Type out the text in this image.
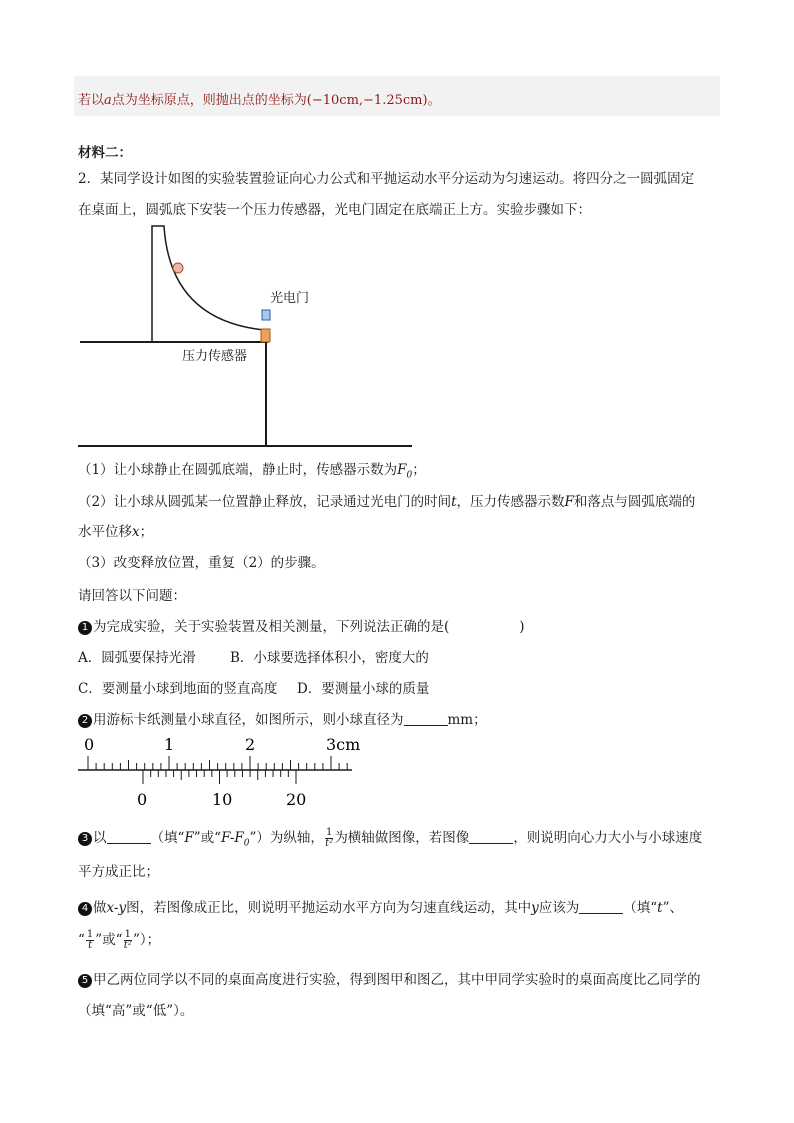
若以a点为坐标原点，则抛出点的坐标为(−10cm,−1.25cm)。
材料二：
2．某同学设计如图的实验装置验证向心力公式和平抛运动水平分运动为匀速运动。将四分之一圆弧固定
在桌面上，圆弧底下安装一个压力传感器，光电门固定在底端正上方。实验步骤如下：
光电门
压力传感器
（1）让小球静止在圆弧底端，静止时，传感器示数为$F_0$；
（2）让小球从圆弧某一位置静止释放，记录通过光电门的时间t，压力传感器示数F和落点与圆弧底端的
水平位移x；
（3）改变释放位置，重复（2）的步骤。
请回答以下问题：
1 为完成实验，关于实验装置及相关测量，下列说法正确的是(	)
A．圆弧要保持光滑	B．小球要选择体积小，密度大的
C．要测量小球到地面的竖直高度 D．要测量小球的质量
2 用游标卡纸测量小球直径，如图所示，则小球直径为	mm；
0	1	2	3cm
0	10	20
3 以	（填“F”或“$F-F_0$”）为纵轴， $\frac{1}{\text{t²}}$ 为横轴做图像，若图像	，则说明向心力大小与小球速度
平方成正比；
4 做x-y图，若图像成正比，则说明平抛运动水平方向为匀速直线运动，其中y应该为	（填“t”、
“ $\frac{1}{t}$ ”或“ $\frac{1}{\text{t²}}$ ”）；
5 甲乙两位同学以不同的桌面高度进行实验，得到图甲和图乙，其中甲同学实验时的桌面高度比乙同学的
（填“高”或“低”）。
